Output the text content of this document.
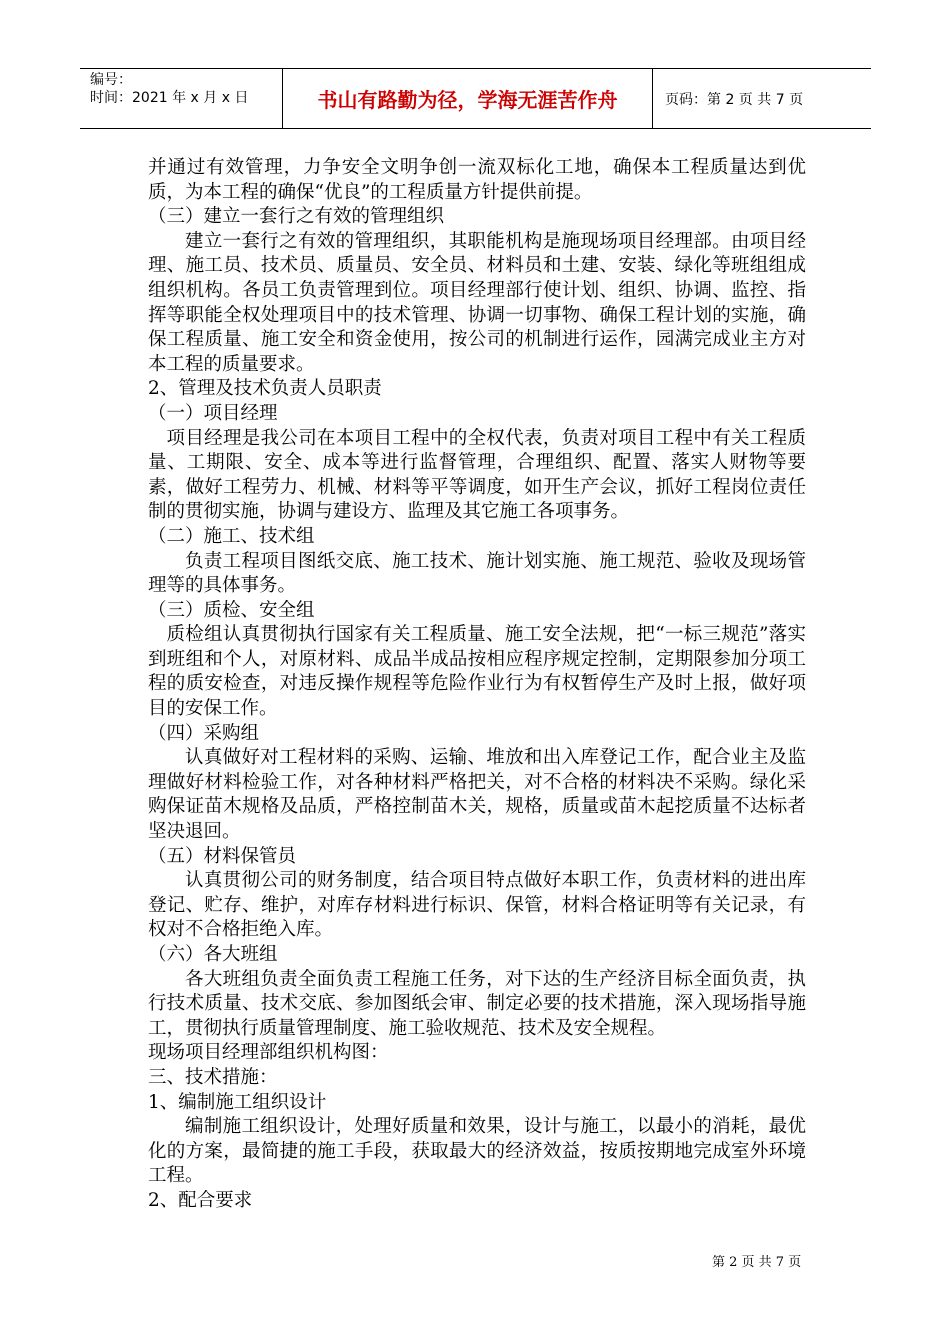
编号：
时间：2021 年 x 月 x 日	书山有路勤为径，学海无涯苦作舟	页码：第 2 页 共 7 页

并通过有效管理，力争安全文明争创一流双标化工地，确保本工程质量达到优质，为本工程的确保“优良”的工程质量方针提供前提。

（三）建立一套行之有效的管理组织

建立一套行之有效的管理组织，其职能机构是施现场项目经理部。由项目经理、施工员、技术员、质量员、安全员、材料员和土建、安装、绿化等班组组成组织机构。各员工负责管理到位。项目经理部行使计划、组织、协调、监控、指挥等职能全权处理项目中的技术管理、协调一切事物、确保工程计划的实施，确保工程质量、施工安全和资金使用，按公司的机制进行运作，园满完成业主方对本工程的质量要求。

2、管理及技术负责人员职责

（一）项目经理

项目经理是我公司在本项目工程中的全权代表，负责对项目工程中有关工程质量、工期限、安全、成本等进行监督管理，合理组织、配置、落实人财物等要素，做好工程劳力、机械、材料等平等调度，如开生产会议，抓好工程岗位责任制的贯彻实施，协调与建设方、监理及其它施工各项事务。

（二）施工、技术组

负责工程项目图纸交底、施工技术、施计划实施、施工规范、验收及现场管理等的具体事务。

（三）质检、安全组

质检组认真贯彻执行国家有关工程质量、施工安全法规，把“一标三规范”落实到班组和个人，对原材料、成品半成品按相应程序规定控制，定期限参加分项工程的质安检查，对违反操作规程等危险作业行为有权暂停生产及时上报，做好项目的安保工作。

（四）采购组

认真做好对工程材料的采购、运输、堆放和出入库登记工作，配合业主及监理做好材料检验工作，对各种材料严格把关，对不合格的材料决不采购。绿化采购保证苗木规格及品质，严格控制苗木关，规格，质量或苗木起挖质量不达标者坚决退回。

（五）材料保管员

认真贯彻公司的财务制度，结合项目特点做好本职工作，负责材料的进出库登记、贮存、维护，对库存材料进行标识、保管，材料合格证明等有关记录，有权对不合格拒绝入库。

（六）各大班组

各大班组负责全面负责工程施工任务，对下达的生产经济目标全面负责，执行技术质量、技术交底、参加图纸会审、制定必要的技术措施，深入现场指导施工，贯彻执行质量管理制度、施工验收规范、技术及安全规程。

现场项目经理部组织机构图：

三、技术措施：

1、编制施工组织设计

编制施工组织设计，处理好质量和效果，设计与施工，以最小的消耗，最优化的方案，最简捷的施工手段，获取最大的经济效益，按质按期地完成室外环境工程。

2、配合要求

第 2 页 共 7 页
